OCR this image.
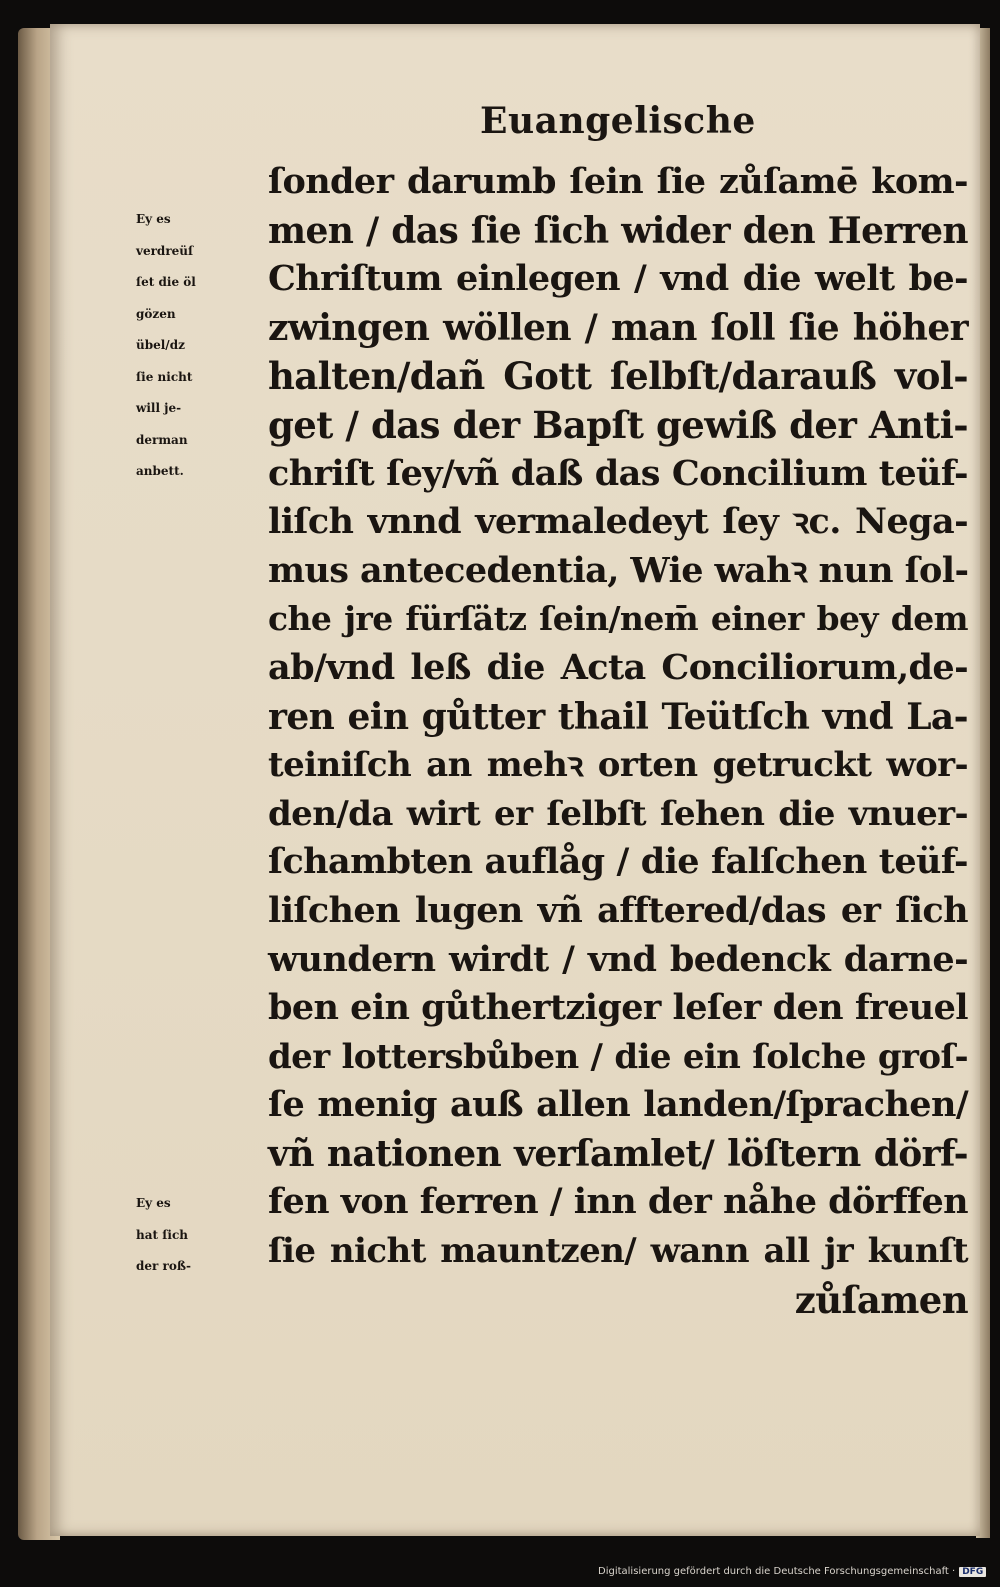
Euangelische
Ey es
verdreüſ
ſet die öl
gözen
übel/dz
ſie nicht
will je-
derman
anbett.
Ey es
hat ſich
der roß-
ſonder darumb ſein ſie zůſamē kom-
men / das ſie ſich wider den Herren
Chriſtum einlegen / vnd die welt be-
zwingen wöllen / man ſoll ſie höher
halten/dañ Gott ſelbſt/darauß vol-
get / das der Bapſt gewiß der Anti-
chriſt ſey/vñ daß das Concilium teüf-
liſch vnnd vermaledeyt ſey ꝛc. Nega-
mus antecedentia, Wie wahꝛ nun ſol-
che jre fürſätz ſein/nem̄ einer bey dem
ab/vnd leß die Acta Conciliorum,de-
ren ein gůtter thail Teütſch vnd La-
teiniſch an mehꝛ orten getruckt wor-
den/da wirt er ſelbſt ſehen die vnuer-
ſchambten auflåg / die falſchen teüf-
liſchen lugen vñ afftered/das er ſich
wundern wirdt / vnd bedenck darne-
ben ein gůthertziger leſer den freuel
der lottersbůben / die ein ſolche groſ-
ſe menig auß allen landen/ſprachen/
vñ nationen verſamlet/ löſtern dörf-
fen von ferren / inn der nåhe dörffen
ſie nicht mauntzen/ wann all jr kunſt
zůſamen
Digitalisierung gefördert durch die Deutsche Forschungsgemeinschaft · DFG
